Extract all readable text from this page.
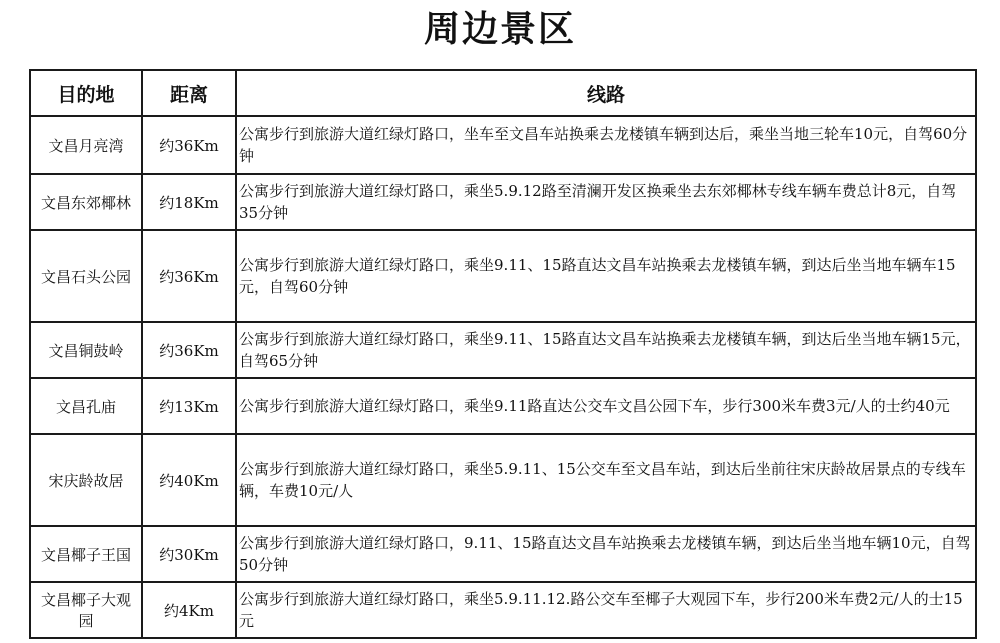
周边景区
目的地	距离	线路
文昌月亮湾	约36Km	公寓步行到旅游大道红绿灯路口，坐车至文昌车站换乘去龙楼镇车辆到达后，乘坐当地三轮车10元，自驾60分钟
文昌东郊椰林	约18Km	公寓步行到旅游大道红绿灯路口，乘坐5.9.12路至清澜开发区换乘坐去东郊椰林专线车辆车费总计8元，自驾35分钟
文昌石头公园	约36Km	公寓步行到旅游大道红绿灯路口，乘坐9.11、15路直达文昌车站换乘去龙楼镇车辆，到达后坐当地车辆车15元，自驾60分钟
文昌铜鼓岭	约36Km	公寓步行到旅游大道红绿灯路口，乘坐9.11、15路直达文昌车站换乘去龙楼镇车辆，到达后坐当地车辆15元，自驾65分钟
文昌孔庙	约13Km	公寓步行到旅游大道红绿灯路口，乘坐9.11路直达公交车文昌公园下车，步行300米车费3元/人的士约40元
宋庆龄故居	约40Km	公寓步行到旅游大道红绿灯路口，乘坐5.9.11、15公交车至文昌车站，到达后坐前往宋庆龄故居景点的专线车辆，车费10元/人
文昌椰子王国	约30Km	公寓步行到旅游大道红绿灯路口，9.11、15路直达文昌车站换乘去龙楼镇车辆，到达后坐当地车辆10元，自驾50分钟
文昌椰子大观园	约4Km	公寓步行到旅游大道红绿灯路口，乘坐5.9.11.12.路公交车至椰子大观园下车，步行200米车费2元/人的士15元
